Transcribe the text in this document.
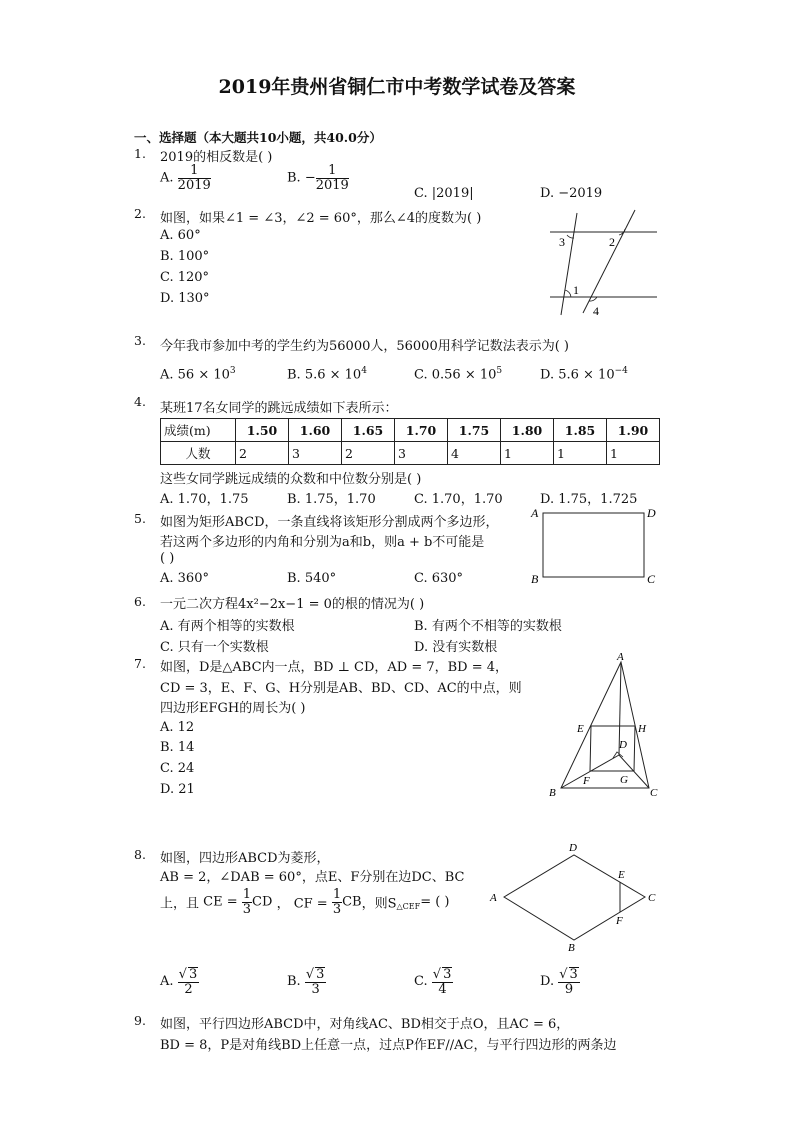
2019年贵州省铜仁市中考数学试卷及答案
一、选择题（本大题共10小题，共40.0分）
1. 2019的相反数是( )
A. $\frac{1}{2019}$	B. − $\frac{1}{2019}$
C. |2019|	D. −2019
2. 如图，如果∠1 = ∠3，∠2 = 60°，那么∠4的度数为( )
A. 60°
B. 100°
C. 120°
D. 130°
3	2
1
4
3. 今年我市参加中考的学生约为56000人，56000用科学记数法表示为( )
A. $56 \times 10^3$	B. $5.6 \times 10^4$	C. $0.56 \times 10^5$	D. $5.6 \times 10^{-4}$
4. 某班17名女同学的跳远成绩如下表所示：
成绩(m)	1.50	1.60	1.65	1.70	1.75	1.80	1.85	1.90
人数	2	3	2	3	4	1	1	1
这些女同学跳远成绩的众数和中位数分别是( )
A. 1.70，1.75	B. 1.75，1.70	C. 1.70，1.70	D. 1.75，1.725
5. 如图为矩形ABCD，一条直线将该矩形分割成两个多边形，
若这两个多边形的内角和分别为a和b，则a + b不可能是
( )
A. 360°	B. 540°	C. 630°
A	D
B	C
6. 一元二次方程4x²−2x−1 = 0的根的情况为( )
A. 有两个相等的实数根	B. 有两个不相等的实数根
C. 只有一个实数根	D. 没有实数根
7. 如图，D是△ABC内一点，BD ⊥ CD，AD = 7，BD = 4，
CD = 3，E、F、G、H分别是AB、BD、CD、AC的中点，则
四边形EFGH的周长为( )
A. 12
B. 14
C. 24
D. 21
A
E	H
D
F	G
B	C
8. 如图，四边形ABCD为菱形，
AB = 2，∠DAB = 60°，点E、F分别在边DC、BC
上，且 CE = $\frac{1}{3}$ CD ， CF = $\frac{1}{3}$ CB，则$S_{\triangle CEF}=$ ( )
A. $\frac{√ 3}{2}$	B. $\frac{√ 3}{3}$	C. $\frac{√ 3}{4}$	D. $\frac{√ 3}{9}$
D
E
A	C
F
B
9. 如图，平行四边形ABCD中，对角线AC、BD相交于点O，且AC = 6，
BD = 8，P是对角线BD上任意一点，过点P作EF//AC，与平行四边形的两条边
